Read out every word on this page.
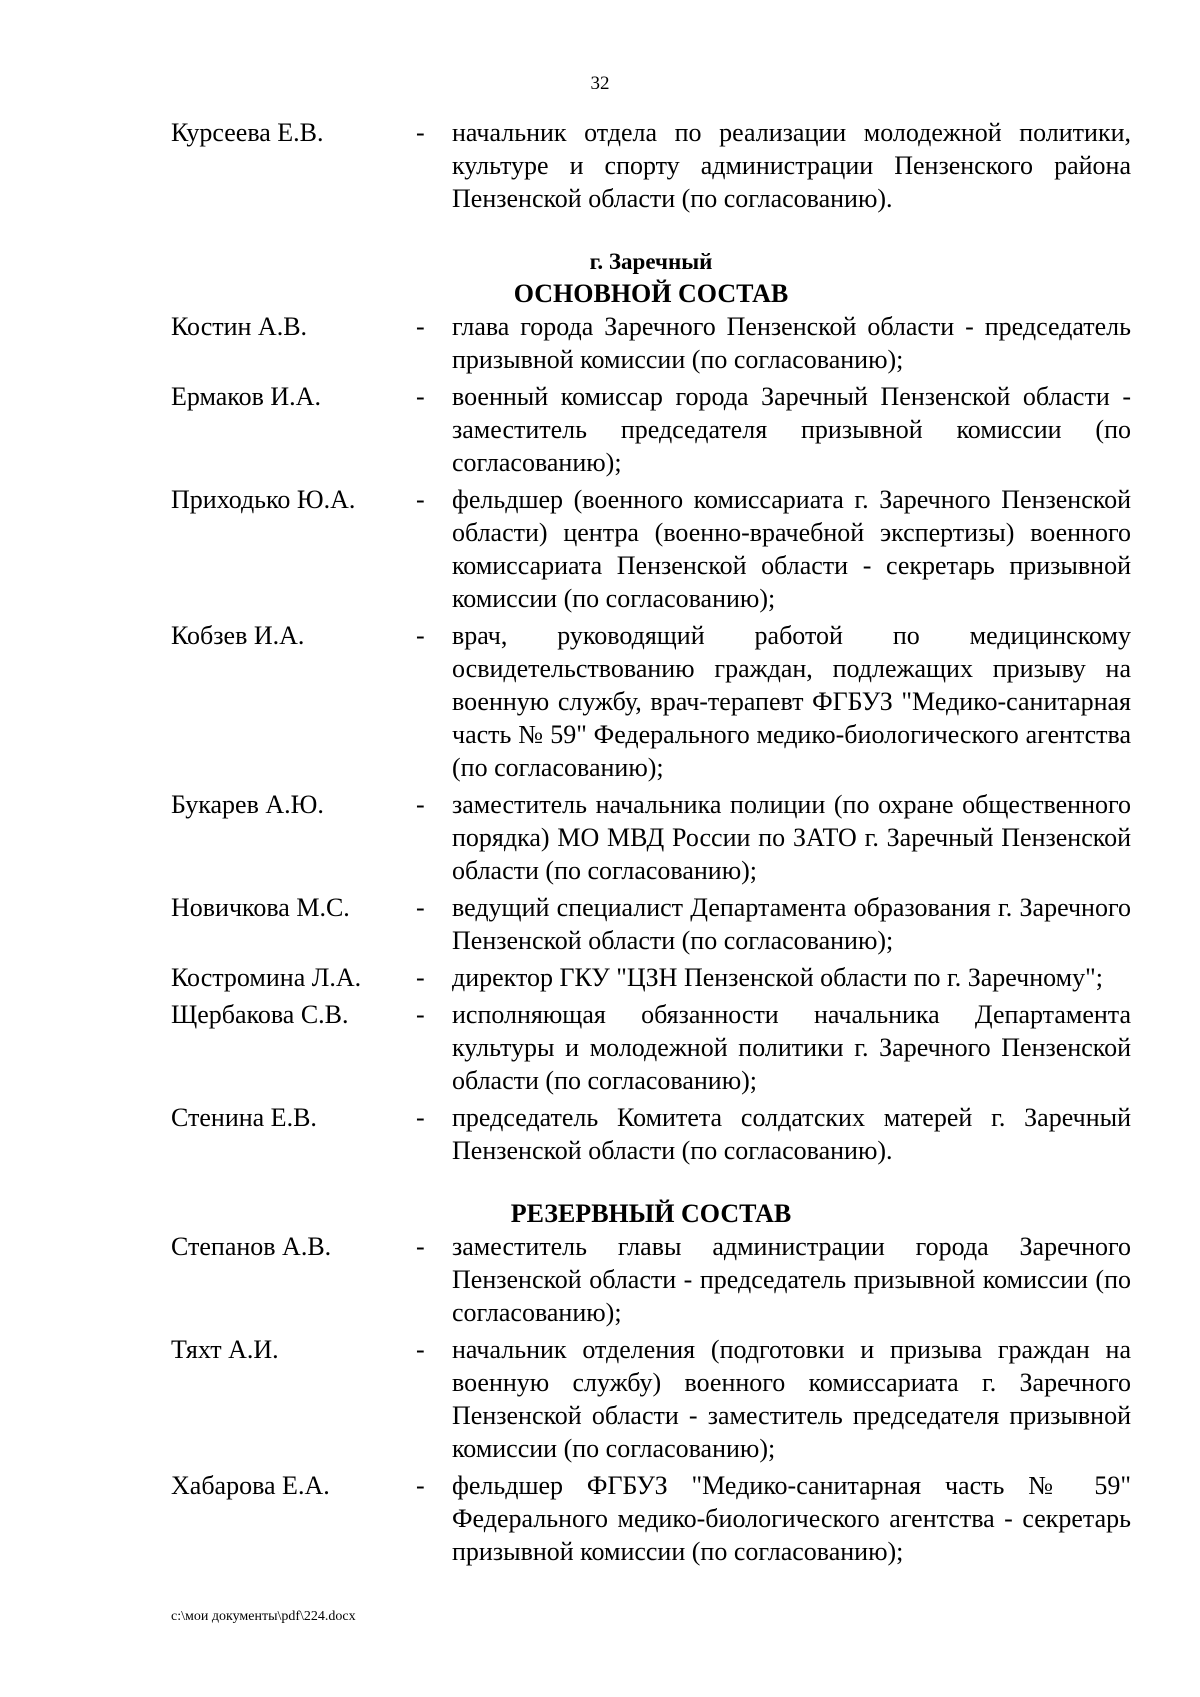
32
Курсеева Е.В.	-	начальник отдела по реализации молодежной политики, культуре и спорту администрации Пензенского района Пензенской области (по согласованию).
г. Заречный
ОСНОВНОЙ СОСТАВ
Костин А.В.	-	глава города Заречного Пензенской области - председатель призывной комиссии (по согласованию);
Ермаков И.А.	-	военный комиссар города Заречный Пензенской области - заместитель председателя призывной комиссии (по согласованию);
Приходько Ю.А.	-	фельдшер (военного комиссариата г. Заречного Пензенской области) центра (военно-врачебной экспертизы) военного комиссариата Пензенской области - секретарь призывной комиссии (по согласованию);
Кобзев И.А.	-	врач, руководящий работой по медицинскому освидетельствованию граждан, подлежащих призыву на военную службу, врач-терапевт ФГБУЗ "Медико-санитарная часть № 59" Федерального медико-биологического агентства (по согласованию);
Букарев А.Ю.	-	заместитель начальника полиции (по охране общественного порядка) МО МВД России по ЗАТО г. Заречный Пензенской области (по согласованию);
Новичкова М.С.	-	ведущий специалист Департамента образования г. Заречного Пензенской области (по согласованию);
Костромина Л.А.	-	директор ГКУ "ЦЗН Пензенской области по г. Заречному";
Щербакова С.В.	-	исполняющая обязанности начальника Департамента культуры и молодежной политики г. Заречного Пензенской области (по согласованию);
Стенина Е.В.	-	председатель Комитета солдатских матерей г. Заречный Пензенской области (по согласованию).
РЕЗЕРВНЫЙ СОСТАВ
Степанов А.В.	-	заместитель главы администрации города Заречного Пензенской области - председатель призывной комиссии (по согласованию);
Тяхт А.И.	-	начальник отделения (подготовки и призыва граждан на военную службу) военного комиссариата г. Заречного Пензенской области - заместитель председателя призывной комиссии (по согласованию);
Хабарова Е.А.	-	фельдшер ФГБУЗ "Медико-санитарная часть № 59" Федерального медико-биологического агентства - секретарь призывной комиссии (по согласованию);
c:\мои документы\pdf\224.docx
